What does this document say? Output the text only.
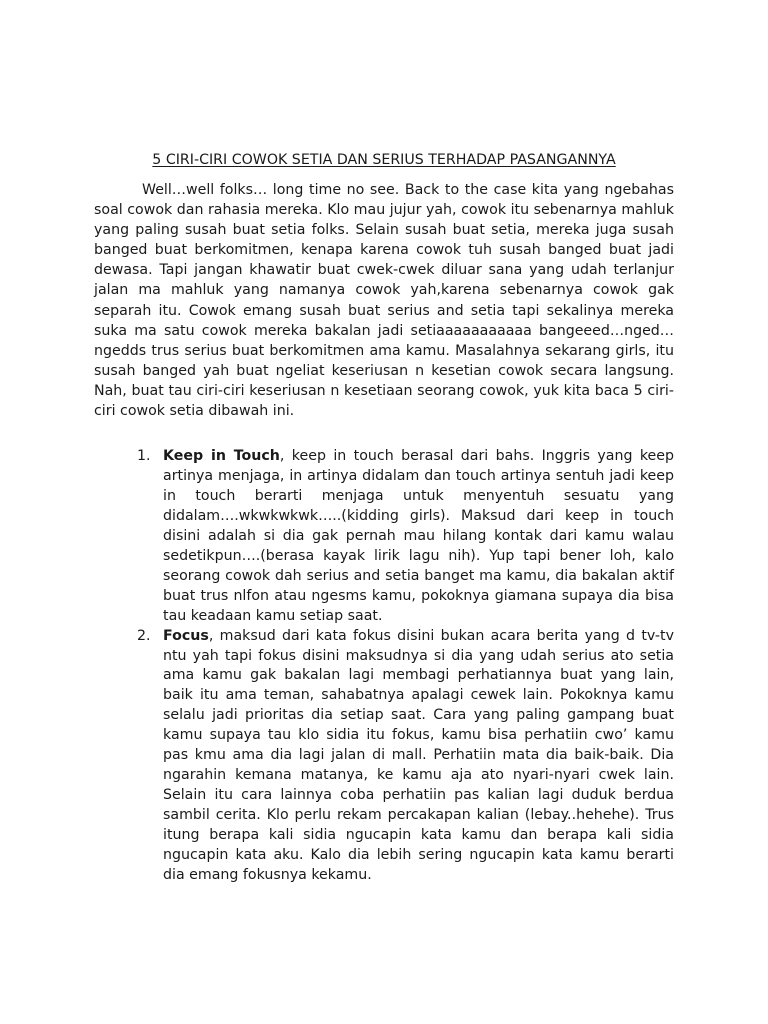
5 CIRI-CIRI COWOK SETIA DAN SERIUS TERHADAP PASANGANNYA

Well…well folks… long time no see. Back to the case kita yang ngebahas soal cowok dan rahasia mereka. Klo mau jujur yah, cowok itu sebenarnya mahluk yang paling susah buat setia folks. Selain susah buat setia, mereka juga susah banged buat berkomitmen, kenapa karena cowok tuh susah banged buat jadi dewasa. Tapi jangan khawatir buat cwek-cwek diluar sana yang udah terlanjur jalan ma mahluk yang namanya cowok yah,karena sebenarnya cowok gak separah itu. Cowok emang susah buat serius and setia tapi sekalinya mereka suka ma satu cowok mereka bakalan jadi setiaaaaaaaaaaa bangeeed…nged…ngedds trus serius buat berkomitmen ama kamu. Masalahnya sekarang girls, itu susah banged yah buat ngeliat keseriusan n kesetian cowok secara langsung. Nah, buat tau ciri-ciri keseriusan n kesetiaan seorang cowok, yuk kita baca 5 ciri-ciri cowok setia dibawah ini.

1. Keep in Touch, keep in touch berasal dari bahs. Inggris yang keep artinya menjaga, in artinya didalam dan touch artinya sentuh jadi keep in touch berarti menjaga untuk menyentuh sesuatu yang didalam….wkwkwkwk…..(kidding girls). Maksud dari keep in touch disini adalah si dia gak pernah mau hilang kontak dari kamu walau sedetikpun….(berasa kayak lirik lagu nih). Yup tapi bener loh, kalo seorang cowok dah serius and setia banget ma kamu, dia bakalan aktif buat trus nlfon atau ngesms kamu, pokoknya giamana supaya dia bisa tau keadaan kamu setiap saat.
2. Focus, maksud dari kata fokus disini bukan acara berita yang d tv-tv ntu yah tapi fokus disini maksudnya si dia yang udah serius ato setia ama kamu gak bakalan lagi membagi perhatiannya buat yang lain, baik itu ama teman, sahabatnya apalagi cewek lain. Pokoknya kamu selalu jadi prioritas dia setiap saat. Cara yang paling gampang buat kamu supaya tau klo sidia itu fokus, kamu bisa perhatiin cwo’ kamu pas kmu ama dia lagi jalan di mall. Perhatiin mata dia baik-baik. Dia ngarahin kemana matanya, ke kamu aja ato nyari-nyari cwek lain. Selain itu cara lainnya coba perhatiin pas kalian lagi duduk berdua sambil cerita. Klo perlu rekam percakapan kalian (lebay..hehehe). Trus itung berapa kali sidia ngucapin kata kamu dan berapa kali sidia ngucapin kata aku. Kalo dia lebih sering ngucapin kata kamu berarti dia emang fokusnya kekamu.
